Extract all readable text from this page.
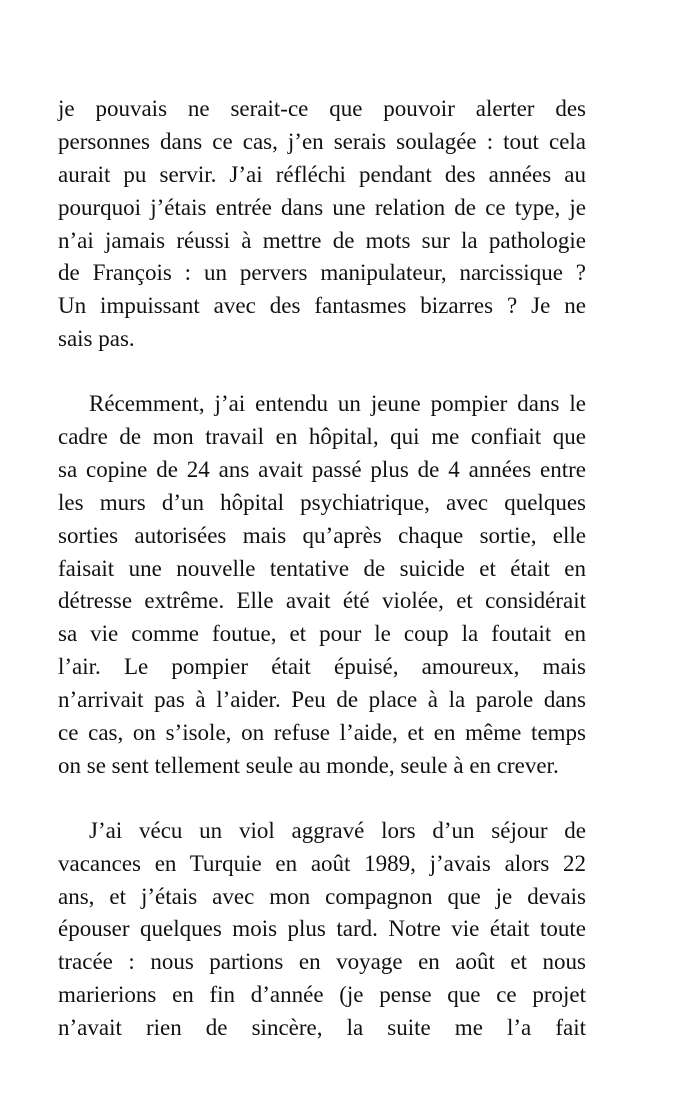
je pouvais ne serait-ce que pouvoir alerter des
personnes dans ce cas, j’en serais soulagée : tout cela
aurait pu servir. J’ai réfléchi pendant des années au
pourquoi j’étais entrée dans une relation de ce type, je
n’ai jamais réussi à mettre de mots sur la pathologie
de François : un pervers manipulateur, narcissique ?
Un impuissant avec des fantasmes bizarres ? Je ne
sais pas.
Récemment, j’ai entendu un jeune pompier dans le
cadre de mon travail en hôpital, qui me confiait que
sa copine de 24 ans avait passé plus de 4 années entre
les murs d’un hôpital psychiatrique, avec quelques
sorties autorisées mais qu’après chaque sortie, elle
faisait une nouvelle tentative de suicide et était en
détresse extrême. Elle avait été violée, et considérait
sa vie comme foutue, et pour le coup la foutait en
l’air. Le pompier était épuisé, amoureux, mais
n’arrivait pas à l’aider. Peu de place à la parole dans
ce cas, on s’isole, on refuse l’aide, et en même temps
on se sent tellement seule au monde, seule à en crever.
J’ai vécu un viol aggravé lors d’un séjour de
vacances en Turquie en août 1989, j’avais alors 22
ans, et j’étais avec mon compagnon que je devais
épouser quelques mois plus tard. Notre vie était toute
tracée : nous partions en voyage en août et nous
marierions en fin d’année (je pense que ce projet
n’avait rien de sincère, la suite me l’a fait
